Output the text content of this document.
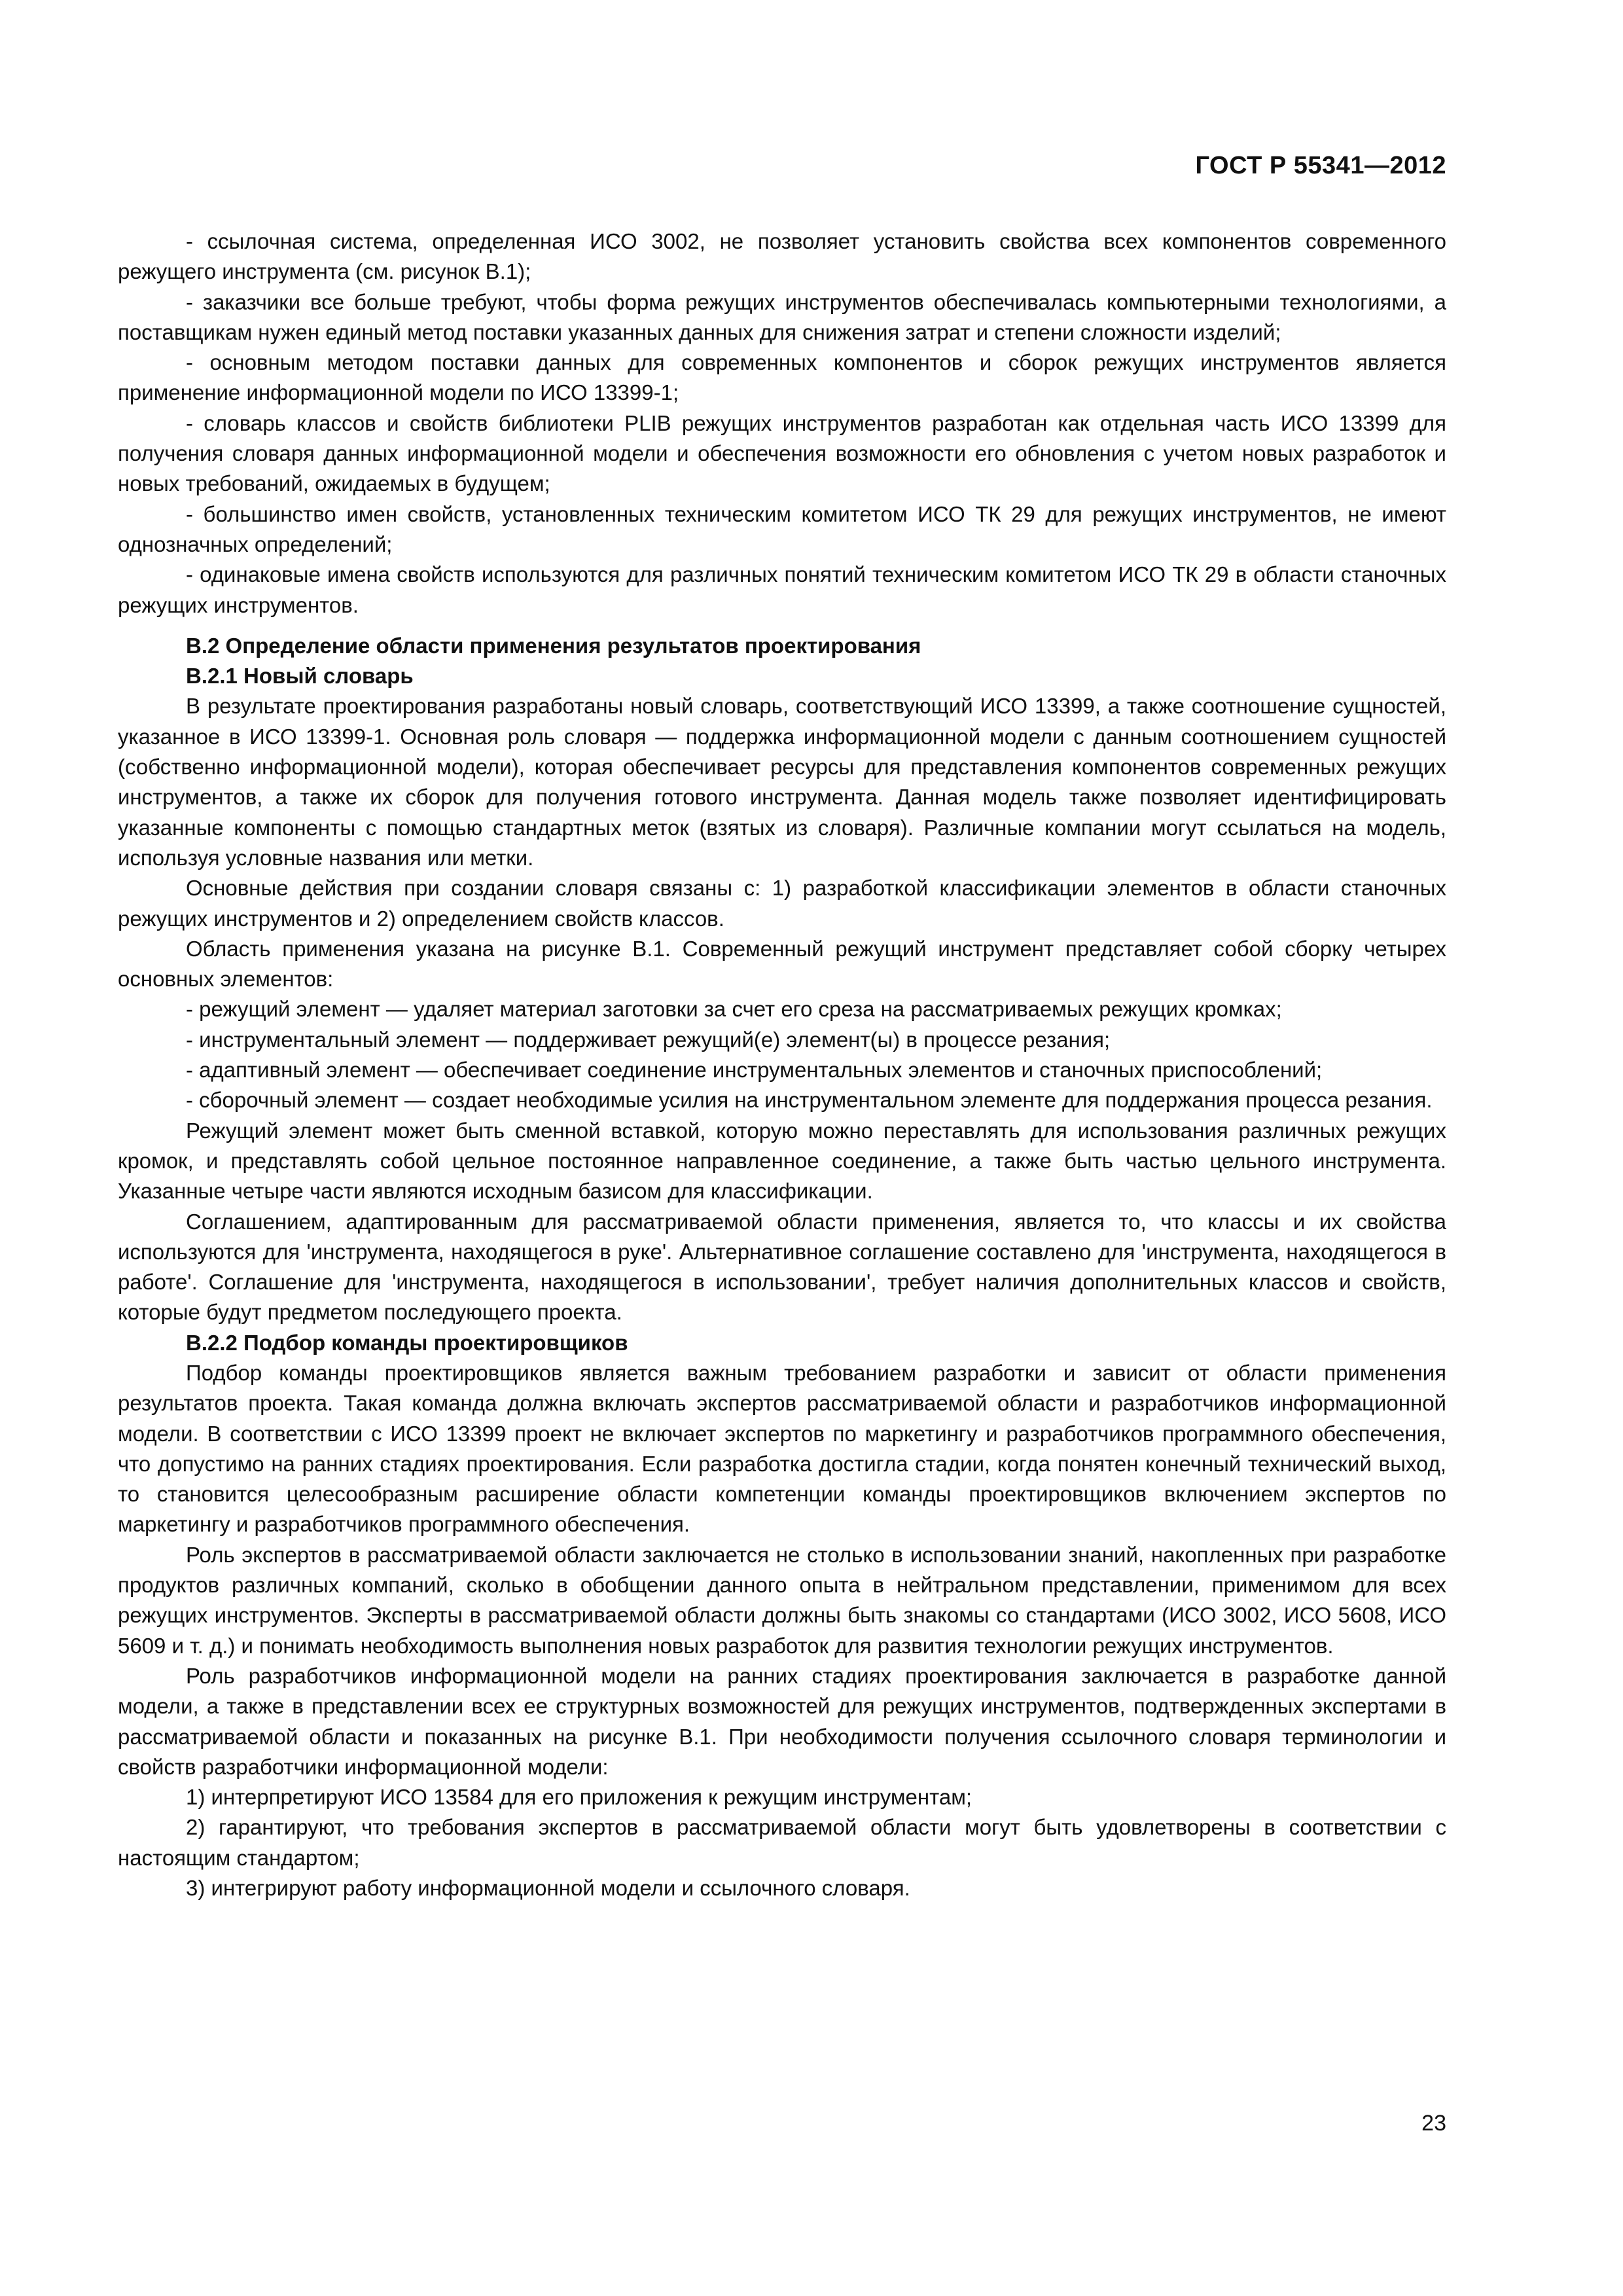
ГОСТ Р 55341—2012

- ссылочная система, определенная ИСО 3002, не позволяет установить свойства всех компонентов современного режущего инструмента (см. рисунок В.1);

- заказчики все больше требуют, чтобы форма режущих инструментов обеспечивалась компьютерными технологиями, а поставщикам нужен единый метод поставки указанных данных для снижения затрат и степени сложности изделий;

- основным методом поставки данных для современных компонентов и сборок режущих инструментов является применение информационной модели по ИСО 13399-1;

- словарь классов и свойств библиотеки PLIB режущих инструментов разработан как отдельная часть ИСО 13399 для получения словаря данных информационной модели и обеспечения возможности его обновления с учетом новых разработок и новых требований, ожидаемых в будущем;

- большинство имен свойств, установленных техническим комитетом ИСО ТК 29 для режущих инструментов, не имеют однозначных определений;

- одинаковые имена свойств используются для различных понятий техническим комитетом ИСО ТК 29 в области станочных режущих инструментов.

В.2 Определение области применения результатов проектирования

В.2.1 Новый словарь

В результате проектирования разработаны новый словарь, соответствующий ИСО 13399, а также соотношение сущностей, указанное в ИСО 13399-1. Основная роль словаря — поддержка информационной модели с данным соотношением сущностей (собственно информационной модели), которая обеспечивает ресурсы для представления компонентов современных режущих инструментов, а также их сборок для получения готового инструмента. Данная модель также позволяет идентифицировать указанные компоненты с помощью стандартных меток (взятых из словаря). Различные компании могут ссылаться на модель, используя условные названия или метки.

Основные действия при создании словаря связаны с: 1) разработкой классификации элементов в области станочных режущих инструментов и 2) определением свойств классов.

Область применения указана на рисунке В.1. Современный режущий инструмент представляет собой сборку четырех основных элементов:

- режущий элемент — удаляет материал заготовки за счет его среза на рассматриваемых режущих кромках;

- инструментальный элемент — поддерживает режущий(е) элемент(ы) в процессе резания;

- адаптивный элемент — обеспечивает соединение инструментальных элементов и станочных приспособлений;

- сборочный элемент — создает необходимые усилия на инструментальном элементе для поддержания процесса резания.

Режущий элемент может быть сменной вставкой, которую можно переставлять для использования различных режущих кромок, и представлять собой цельное постоянное направленное соединение, а также быть частью цельного инструмента. Указанные четыре части являются исходным базисом для классификации.

Соглашением, адаптированным для рассматриваемой области применения, является то, что классы и их свойства используются для 'инструмента, находящегося в руке'. Альтернативное соглашение составлено для 'инструмента, находящегося в работе'. Соглашение для 'инструмента, находящегося в использовании', требует наличия дополнительных классов и свойств, которые будут предметом последующего проекта.

В.2.2 Подбор команды проектировщиков

Подбор команды проектировщиков является важным требованием разработки и зависит от области применения результатов проекта. Такая команда должна включать экспертов рассматриваемой области и разработчиков информационной модели. В соответствии с ИСО 13399 проект не включает экспертов по маркетингу и разработчиков программного обеспечения, что допустимо на ранних стадиях проектирования. Если разработка достигла стадии, когда понятен конечный технический выход, то становится целесообразным расширение области компетенции команды проектировщиков включением экспертов по маркетингу и разработчиков программного обеспечения.

Роль экспертов в рассматриваемой области заключается не столько в использовании знаний, накопленных при разработке продуктов различных компаний, сколько в обобщении данного опыта в нейтральном представлении, применимом для всех режущих инструментов. Эксперты в рассматриваемой области должны быть знакомы со стандартами (ИСО 3002, ИСО 5608, ИСО 5609 и т. д.) и понимать необходимость выполнения новых разработок для развития технологии режущих инструментов.

Роль разработчиков информационной модели на ранних стадиях проектирования заключается в разработке данной модели, а также в представлении всех ее структурных возможностей для режущих инструментов, подтвержденных экспертами в рассматриваемой области и показанных на рисунке В.1. При необходимости получения ссылочного словаря терминологии и свойств разработчики информационной модели:

1) интерпретируют ИСО 13584 для его приложения к режущим инструментам;

2) гарантируют, что требования экспертов в рассматриваемой области могут быть удовлетворены в соответствии с настоящим стандартом;

3) интегрируют работу информационной модели и ссылочного словаря.

23
